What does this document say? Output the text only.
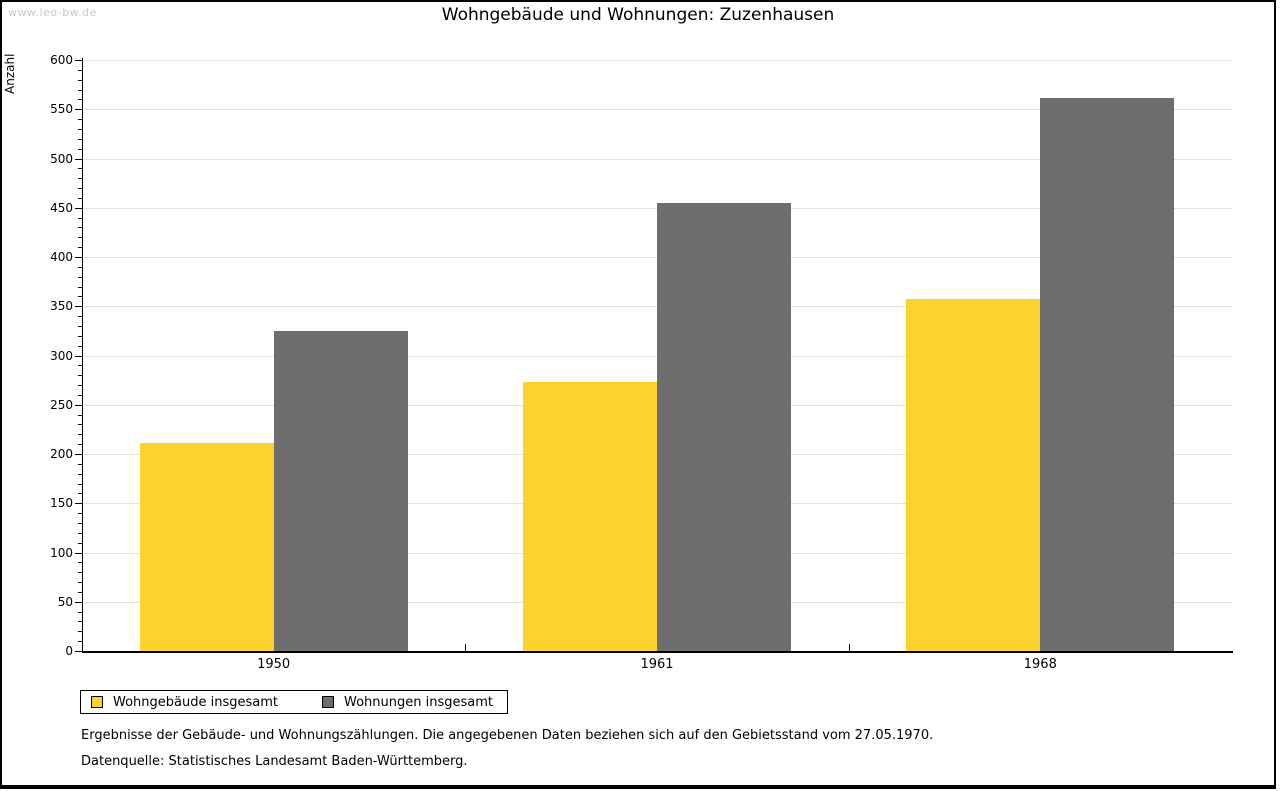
www.leo-bw.de	Wohngebäude und Wohnungen: Zuzenhausen
Anzahl
0
50
100
150
200
250
300
350
400
450
500
550
600
1950	1961	1968
Wohngebäude insgesamt	Wohnungen insgesamt
Ergebnisse der Gebäude- und Wohnungszählungen. Die angegebenen Daten beziehen sich auf den Gebietsstand vom 27.05.1970.
Datenquelle: Statistisches Landesamt Baden-Württemberg.
